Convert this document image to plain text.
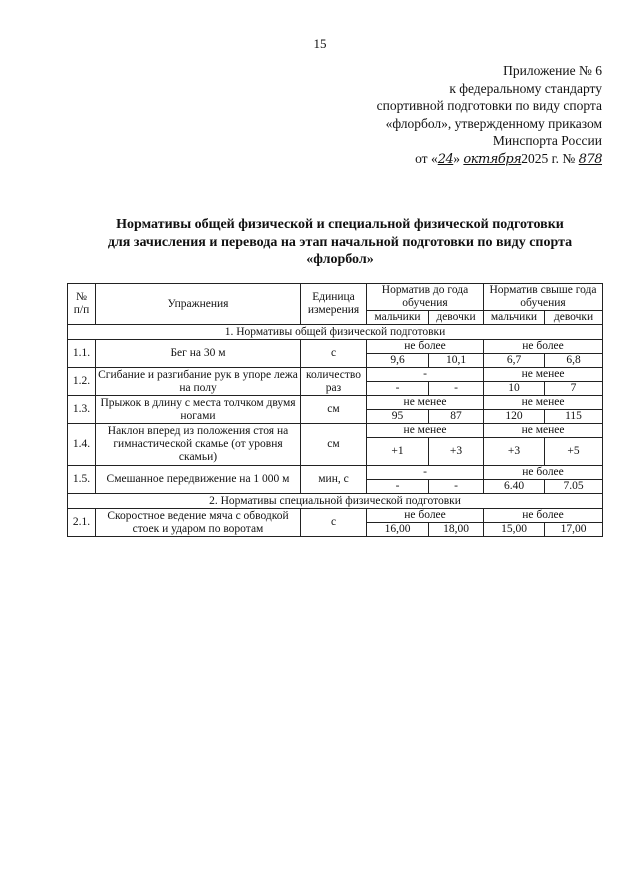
15
Приложение № 6
к федеральному стандарту
спортивной подготовки по виду спорта
«флорбол», утвержденному приказом
Минспорта России
от «24» октября2025 г. № 878
Нормативы общей физической и специальной физической подготовки
для зачисления и перевода на этап начальной подготовки по виду спорта
«флорбол»
№ п/п	Упражнения	Единица измерения	Норматив до года обучения		Норматив свыше года обучения	
			мальчики	девочки	мальчики	девочки
1. Нормативы общей физической подготовки						
1.1.	Бег на 30 м	с	не более		не более	
			9,6	10,1	6,7	6,8
1.2.	Сгибание и разгибание рук в упоре лежа на полу	количество раз	-		не менее	
			-	-	10	7
1.3.	Прыжок в длину с места толчком двумя ногами	см	не менее		не менее	
			95	87	120	115
1.4.	Наклон вперед из положения стоя на гимнастической скамье (от уровня скамьи)	см	не менее		не менее	
			+1	+3	+3	+5
1.5.	Смешанное передвижение на 1 000 м	мин, с	-		не более	
			-	-	6.40	7.05
2. Нормативы специальной физической подготовки						
2.1.	Скоростное ведение мяча с обводкой стоек и ударом по воротам	с	не более		не более	
			16,00	18,00	15,00	17,00
